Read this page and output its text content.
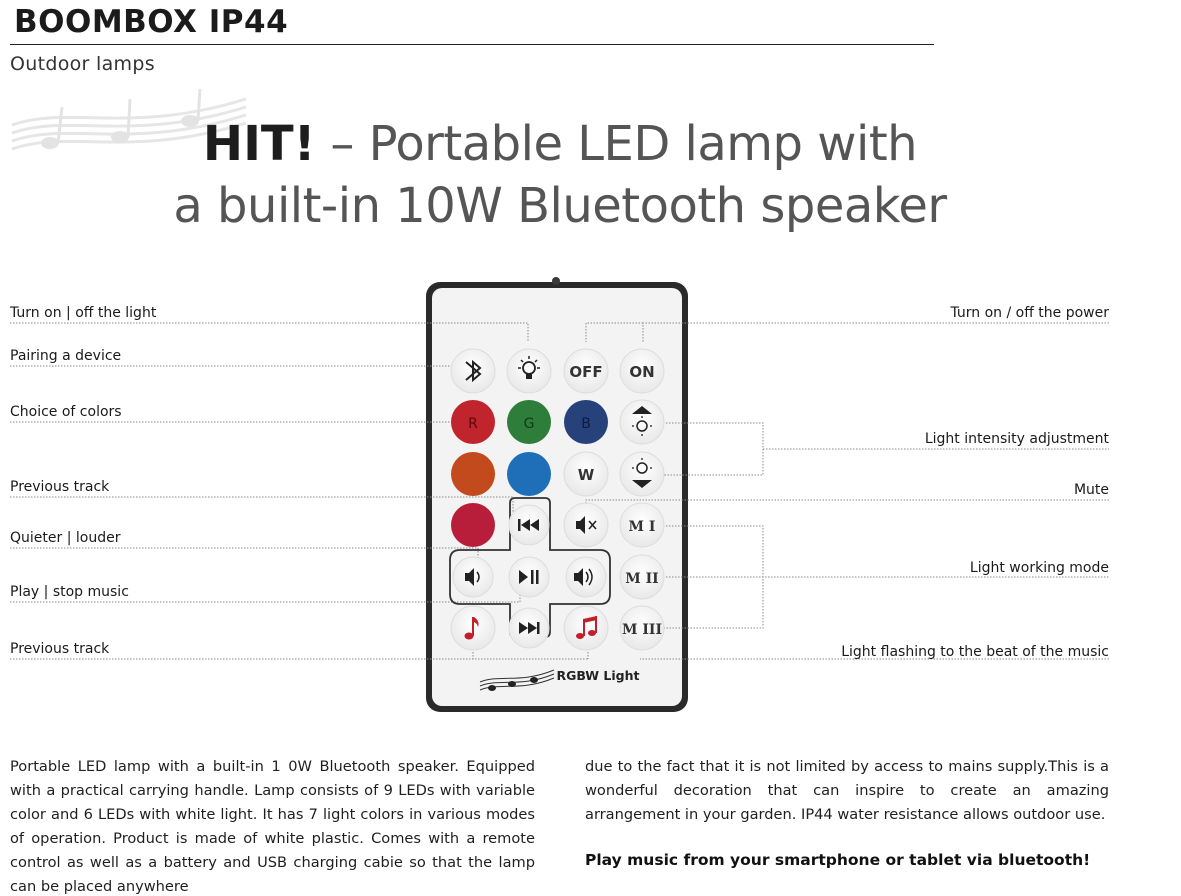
BOOMBOX IP44
Outdoor lamps
HIT! – Portable LED lamp with
a built-in 10W Bluetooth speaker
OFF ON
R	G	B
W
M I
M II
M III
RGBW Light
Turn on | off the light
Pairing a device
Choice of colors
Previous track
Quieter | louder
Play | stop music
Previous track
Turn on / off the power
Light intensity adjustment
Mute
Light working mode
Light flashing to the beat of the music

Portable LED lamp with a built-in 1 0W Bluetooth speaker. Equipped with a practical carrying handle. Lamp consists of 9 LEDs with variable color and 6 LEDs with white light. It has 7 light colors in various modes of operation. Product is made of white plastic. Comes with a remote control as well as a battery and USB charging cabie so that the lamp can be placed anywhere

due to the fact that it is not limited by access to mains supply.This is a wonderful decoration that can inspire to create an amazing arrangement in your garden. IP44 water resistance allows outdoor use.

Play music from your smartphone or tablet via bluetooth!
